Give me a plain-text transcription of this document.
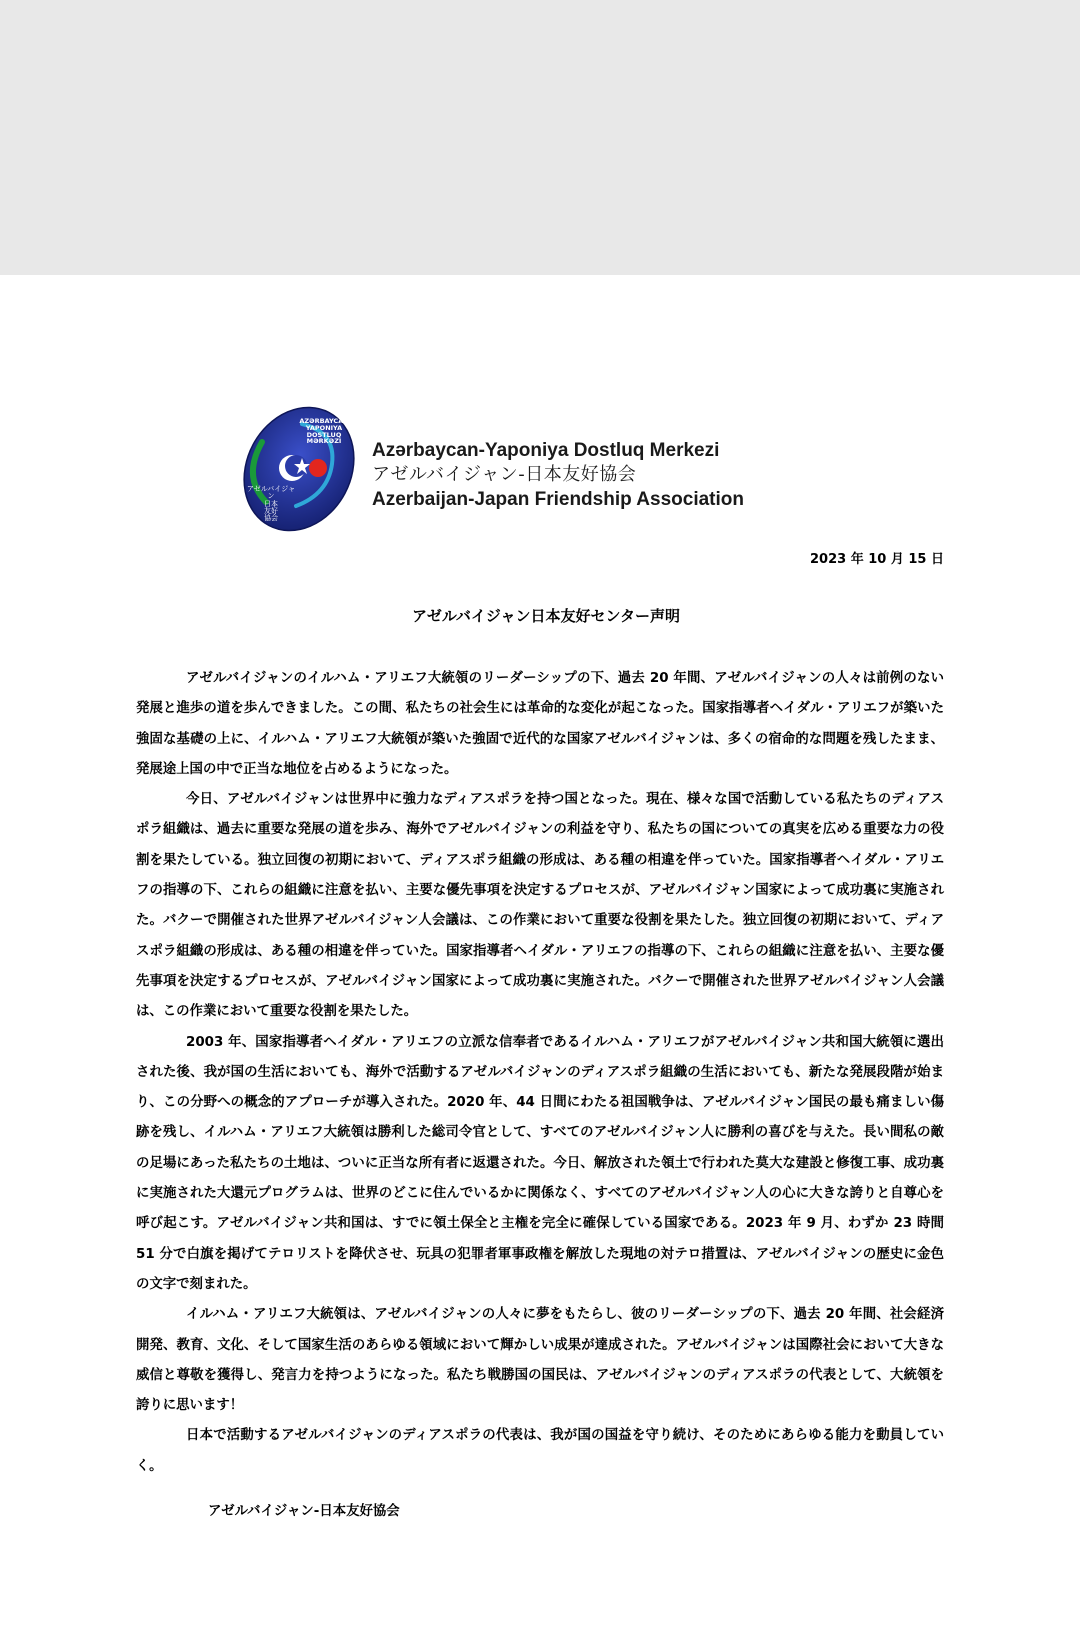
AZƏRBAYCAN
YAPONIYA
DOSTLUQ
MƏRKƏZI
アゼルバイジャン
日本
友好
協会
Azərbaycan-Yaponiya Dostluq Merkezi
アゼルバイジャン-日本友好協会
Azerbaijan-Japan Friendship Association
2023 年 10 月 15 日
アゼルバイジャン日本友好センター声明

アゼルバイジャンのイルハム・アリエフ大統領のリーダーシップの下、過去 20 年間、アゼルバイジャンの人々は前例のない発展と進歩の道を歩んできました。この間、私たちの社会生には革命的な変化が起こなった。国家指導者ヘイダル・アリエフが築いた強固な基礎の上に、イルハム・アリエフ大統領が築いた強固で近代的な国家アゼルバイジャンは、多くの宿命的な問題を残したまま、発展途上国の中で正当な地位を占めるようになった。

今日、アゼルバイジャンは世界中に強力なディアスポラを持つ国となった。現在、様々な国で活動している私たちのディアスポラ組織は、過去に重要な発展の道を歩み、海外でアゼルバイジャンの利益を守り、私たちの国についての真実を広める重要な力の役割を果たしている。独立回復の初期において、ディアスポラ組織の形成は、ある種の相違を伴っていた。国家指導者ヘイダル・アリエフの指導の下、これらの組織に注意を払い、主要な優先事項を決定するプロセスが、アゼルバイジャン国家によって成功裏に実施された。バクーで開催された世界アゼルバイジャン人会議は、この作業において重要な役割を果たした。独立回復の初期において、ディアスポラ組織の形成は、ある種の相違を伴っていた。国家指導者ヘイダル・アリエフの指導の下、これらの組織に注意を払い、主要な優先事項を決定するプロセスが、アゼルバイジャン国家によって成功裏に実施された。バクーで開催された世界アゼルバイジャン人会議は、この作業において重要な役割を果たした。

2003 年、国家指導者ヘイダル・アリエフの立派な信奉者であるイルハム・アリエフがアゼルバイジャン共和国大統領に選出された後、我が国の生活においても、海外で活動するアゼルバイジャンのディアスポラ組織の生活においても、新たな発展段階が始まり、この分野への概念的アプローチが導入された。2020 年、44 日間にわたる祖国戦争は、アゼルバイジャン国民の最も痛ましい傷跡を残し、イルハム・アリエフ大統領は勝利した総司令官として、すべてのアゼルバイジャン人に勝利の喜びを与えた。長い間私の敵の足場にあった私たちの土地は、ついに正当な所有者に返還された。今日、解放された領土で行われた莫大な建設と修復工事、成功裏に実施された大還元プログラムは、世界のどこに住んでいるかに関係なく、すべてのアゼルバイジャン人の心に大きな誇りと自尊心を呼び起こす。アゼルバイジャン共和国は、すでに領土保全と主権を完全に確保している国家である。2023 年 9 月、わずか 23 時間 51 分で白旗を掲げてテロリストを降伏させ、玩具の犯罪者軍事政権を解放した現地の対テロ措置は、アゼルバイジャンの歴史に金色の文字で刻まれた。

イルハム・アリエフ大統領は、アゼルバイジャンの人々に夢をもたらし、彼のリーダーシップの下、過去 20 年間、社会経済開発、教育、文化、そして国家生活のあらゆる領域において輝かしい成果が達成された。アゼルバイジャンは国際社会において大きな威信と尊敬を獲得し、発言力を持つようになった。私たち戦勝国の国民は、アゼルバイジャンのディアスポラの代表として、大統領を誇りに思います！

日本で活動するアゼルバイジャンのディアスポラの代表は、我が国の国益を守り続け、そのためにあらゆる能力を動員していく。

アゼルバイジャン-日本友好協会
